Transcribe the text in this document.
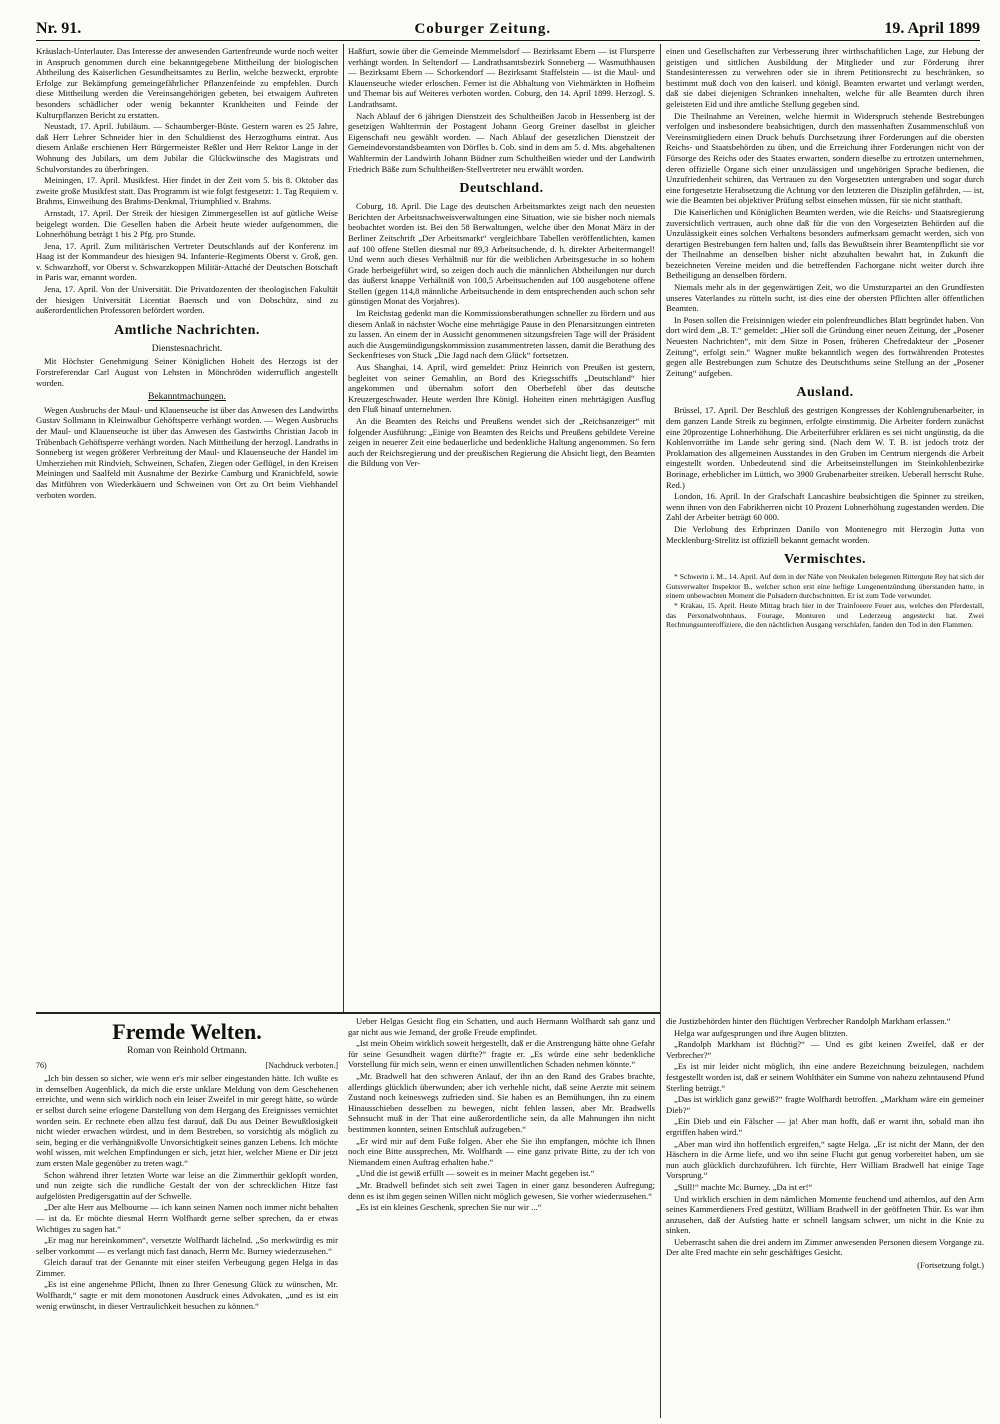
Nr. 91.	Coburger Zeitung.	19. April 1899

Kräuslach-Unterlauter. Das Interesse der anwesenden Gartenfreunde wurde noch weiter in Anspruch genommen durch eine bekanntgegebene Mittheilung der biologischen Abtheilung des Kaiserlichen Gesundheitsamtes zu Berlin, welche bezweckt, erprobte Erfolge zur Bekämpfung gemeingefährlicher Pflanzenfeinde zu empfehlen. Durch diese Mittheilung werden die Vereinsangehörigen gebeten, bei etwaigem Auftreten besonders schädlicher oder wenig bekannter Krankheiten und Feinde der Kulturpflanzen Bericht zu erstatten.

Neustadt, 17. April. Jubiläum. — Schaumberger-Büste. Gestern waren es 25 Jahre, daß Herr Lehrer Schneider hier in den Schuldienst des Herzogthums eintrat. Aus diesem Anlaße erschienen Herr Bürgermeister Reßler und Herr Rektor Lange in der Wohnung des Jubilars, um dem Jubilar die Glückwünsche des Magistrats und Schulvorstandes zu überbringen.

Meiningen, 17. April. Musikfest. Hier findet in der Zeit vom 5. bis 8. Oktober das zweite große Musikfest statt. Das Programm ist wie folgt festgesetzt: 1. Tag Requiem v. Brahms, Einweihung des Brahms-Denkmal, Triumphlied v. Brahms.

Arnstadt, 17. April. Der Streik der hiesigen Zimmergesellen ist auf gütliche Weise beigelegt worden. Die Gesellen haben die Arbeit heute wieder aufgenommen, die Lohnerhöhung beträgt 1 bis 2 Pfg. pro Stunde.

Jena, 17. April. Zum militärischen Vertreter Deutschlands auf der Konferenz im Haag ist der Kommandeur des hiesigen 94. Infanterie-Regiments Oberst v. Groß, gen. v. Schwarzhoff, vor Oberst v. Schwarzkoppen Militär-Attaché der Deutschen Botschaft in Paris war, ernannt worden.

Jena, 17. April. Von der Universität. Die Privatdozenten der theologischen Fakultät der hiesigen Universität Licentiat Baensch und von Dobschütz, sind zu außerordentlichen Professoren befördert worden.

Amtliche Nachrichten.
Dienstesnachricht.

Mit Höchster Genehmigung Seiner Königlichen Hoheit des Herzogs ist der Forstreferendar Carl August von Lehsten in Mönchröden widerruflich angestellt worden.

Bekanntmachungen.

Wegen Ausbruchs der Maul- und Klauenseuche ist über das Anwesen des Landwirths Gustav Sollmann in Kleinwalbur Gehöftsperre verhängt worden. — Wegen Ausbruchs der Maul- und Klauenseuche ist über das Anwesen des Gastwirths Christian Jacob in Trübenbach Gehöftsperre verhängt worden. Nach Mittheilung der herzogl. Landraths in Sonneberg ist wegen größerer Verbreitung der Maul- und Klauenseuche der Handel im Umherziehen mit Rindvieh, Schweinen, Schafen, Ziegen oder Geflügel, in den Kreisen Meiningen und Saalfeld mit Ausnahme der Bezirke Camburg und Kranichfeld, sowie das Mitführen von Wiederkäuern und Schweinen von Ort zu Ort beim Viehhandel verboten worden.

Haßfurt, sowie über die Gemeinde Memmelsdorf — Bezirksamt Ebern — ist Flursperre verhängt worden. In Seltendorf — Landrathsamtsbezirk Sonneberg — Wasmuthhausen — Bezirksamt Ebern — Schorkendorf — Bezirksamt Staffelstein — ist die Maul- und Klauenseuche wieder erloschen. Ferner ist die Abhaltung von Viehmärkten in Hofheim und Themar bis auf Weiteres verboten worden. Coburg, den 14. April 1899. Herzogl. S. Landrathsamt.

Nach Ablauf der 6 jährigen Dienstzeit des Schultheißen Jacob in Hessenberg ist der gesetzigen Wahlterrnin der Postagent Johann Georg Greiner daselbst in gleicher Eigenschaft neu gewählt worden. — Nach Ablauf der gesetzlichen Dienstzeit der Gemeindevorstandsbeamten von Dörfles b. Cob. sind in dem am 5. d. Mts. abgehaltenen Wahltermin der Landwirth Johann Büdner zum Schultheißen wieder und der Landwirth Friedrich Bäße zum Schultheißen-Stellvertreter neu erwählt worden.

Deutschland.

Coburg, 18. April. Die Lage des deutschen Arbeitsmarktes zeigt nach den neuesten Berichten der Arbeitsnachweisverwaltungen eine Situation, wie sie bisher noch niemals beobachtet worden ist. Bei den 58 Berwaltungen, welche über den Monat März in der Berliner Zeitschrift „Der Arbeitsmarkt“ vergleichbare Tabellen veröffentlichten, kamen auf 100 offene Stellen diesmal nur 89,3 Arbeitsuchende, d. h. direkter Arbeitermangel! Und wenn auch dieses Verhältniß nur für die weiblichen Arbeitsgesuche in so hohem Grade herbeigeführt wird, so zeigen doch auch die männlichen Abtheilungen nur durch das äußerst knappe Verhältniß von 100,5 Arbeitsuchenden auf 100 ausgebotene offene Stellen (gegen 114,8 männliche Arbeitsuchende in dem entsprechenden auch schon sehr günstigen Monat des Vorjahres).

Im Reichstag gedenkt man die Kommissionsberathungen schneller zu fördern und aus diesem Anlaß in nächster Woche eine mehrtägige Pause in den Plenarsitzungen eintreten zu lassen. An einem der in Aussicht genommenen sitzungsfreien Tage will der Präsident auch die Ausgemündigungskommission zusammentreten lassen, damit die Berathung des Seckenfrieses von Stuck „Die Jagd nach dem Glück“ fortsetzen.

Aus Shanghai, 14. April, wird gemeldet: Prinz Heinrich von Preußen ist gestern, begleitet von seiner Gemahlin, an Bord des Kriegsschiffs „Deutschland“ hier angekommen und übernahm sofort den Oberbefehl über das deutsche Kreuzergeschwader. Heute werden Ihre Königl. Hoheiten einen mehrtägigen Ausflug den Fluß hinauf unternehmen.

An die Beamten des Reichs und Preußens wendet sich der „Reichsanzeiger“ mit folgender Ausführung: „Einige von Beamten des Reichs und Preußens gebildete Vereine zeigen in neuerer Zeit eine bedauerliche und bedenkliche Haltung angenommen. So fern auch der Reichsregierung und der preußischen Regierung die Absicht liegt, den Beamten die Bildung von Ver-

einen und Gesellschaften zur Verbesserung ihrer wirthschaftlichen Lage, zur Hebung der geistigen und sittlichen Ausbildung der Mitglieder und zur Förderung ihrer Standesinteressen zu verwehren oder sie in ihrem Petitionsrecht zu beschränken, so bestimmt muß doch von den kaiserl. und königl. Beamten erwartet und verlangt werden, daß sie dabei diejenigen Schranken innehalten, welche für alle Beamten durch ihren geleisteten Eid und ihre amtliche Stellung gegeben sind.

Die Theilnahme an Vereinen, welche hiermit in Widerspruch stehende Bestrebungen verfolgen und insbesondere beabsichtigen, durch den massenhaften Zusammenschluß von Vereinsmitgliedern einen Druck behufs Durchsetzung ihrer Forderungen auf die obersten Reichs- und Staatsbehörden zu üben, und die Erreichung ihrer Forderungen nicht von der Fürsorge des Reichs oder des Staates erwarten, sondern dieselbe zu ertrotzen unternehmen, deren offizielle Organe sich einer unzulässigen und ungehörigen Sprache bedienen, die Unzufriedenheit schüren, das Vertrauen zu den Vorgesetzten untergraben und sogar durch eine fortgesetzte Herabsetzung die Achtung vor den letzteren die Disziplin gefährden, — ist, wie die Beamten bei objektiver Prüfung selbst einsehen müssen, für sie nicht statthaft.

Die Kaiserlichen und Königlichen Beamten werden, wie die Reichs- und Staatsregierung zuversichtlich vertrauen, auch ohne daß für die von den Vorgesetzten Behörden auf die Unzulässigkeit eines solchen Verhaltens besonders aufmerksam gemacht werden, sich von derartigen Bestrebungen fern halten und, falls das Bewußtsein ihrer Beamtenpflicht sie vor der Theilnahme an denselben bisher nicht abzuhalten bewahrt hat, in Zukunft die bezeichneten Vereine meiden und die betreffenden Fachorgane nicht weiter durch ihre Betheiligung an denselben fördern.

Niemals mehr als in der gegenwärtigen Zeit, wo die Umsturzpartei an den Grundfesten unseres Vaterlandes zu rütteln sucht, ist dies eine der obersten Pflichten aller öffentlichen Beamten.

In Posen sollen die Freisinnigen wieder ein polenfreundliches Blatt begründet haben. Von dort wird dem „B. T.“ gemeldet: „Hier soll die Gründung einer neuen Zeitung, der „Posener Neuesten Nachrichten“, mit dem Sitze in Posen, früheren Chefredakteur der „Posener Zeitung“, erfolgt sein.“ Wagner mußte bekanntlich wegen des fortwährenden Protestes gegen alle Bestrebungen zum Schutze des Deutschthums seine Stellung an der „Posener Zeitung“ aufgeben.

Ausland.

Brüssel, 17. April. Der Beschluß des gestrigen Kongresses der Kohlengrubenarbeiter, in dem ganzen Lande Streik zu beginnen, erfolgte einstimmig. Die Arbeiter fordern zunächst eine 20prozentige Lohnerhöhung. Die Arbeiterführer erklären es sei nicht ungünstig, da die Kohlenvorräthe im Lande sehr gering sind. (Nach dem W. T. B. ist jedoch trotz der Proklamation des allgemeinen Ausstandes in den Gruben im Centrum niergends die Arbeit eingestellt worden. Unbedeutend sind die Arbeitseinstellungen im Steinkohlenbezirke Borinage, erheblicher im Lüttich, wo 3900 Grubenarbeiter streiken. Ueberall herrscht Ruhe. Red.)

London, 16. April. In der Grafschaft Lancashire beabsichtigen die Spinner zu streiken, wenn ihnen von den Fabrikherren nicht 10 Prozent Lohnerhöhung zugestanden werden. Die Zahl der Arbeiter beträgt 60 000.

Die Verlobung des Erbprinzen Danilo von Montenegro mit Herzogin Jutta von Mecklenburg-Strelitz ist offiziell bekannt gemacht worden.

Vermischtes.

* Schwerin i. M., 14. April. Auf dem in der Nähe von Neukalen belegenen Rittergute Rey hat sich der Gutsverwalter Inspektor B., welcher schon erst eine heftige Lungenentzündung überstanden hatte, in einem unbewachten Moment die Pulsadern durchschnitten. Er ist zum Tode verwundet.

* Krakau, 15. April. Heute Mittag brach hier in der Trainfoeere Feuer aus, welches den Pferdestall, das Personalwohnhaus, Fourage, Monturen und Lederzeug angesteckt hat. Zwei Rechnungsunteroffiziere, die den nächtlichen Ausgang verschlafen, fanden den Tod in den Flammen.

Fremde Welten.
Roman von Reinhold Ortmann.
76)	[Nachdruck verboten.]

„Ich bin dessen so sicher, wie wenn er's mir selber eingestanden hätte. Ich wußte es in demselben Augenblick, da mich die erste unklare Meldung von dem Geschehenen erreichte, und wenn sich wirklich noch ein leiser Zweifel in mir geregt hätte, so würde er selbst durch seine erlogene Darstellung von dem Hergang des Ereignisses vernichtet worden sein. Er rechnete eben allzu fest darauf, daß Du aus Deiner Bewußtlosigkeit nicht wieder erwachen würdest, und in dem Bestreben, so vorsichtig als möglich zu sein, beging er die verhängnißvolle Unvorsichtigkeit seines ganzen Lebens. Ich möchte wohl wissen, mit welchen Empfindungen er sich, jetzt hier, welcher Miene er Dir jetzt zum ersten Male gegenüber zu treten wagt.“

Schon während ihrer letzten Worte war leise an die Zimmerthür geklopft worden, und nun zeigte sich die rundliche Gestalt der von der schrecklichen Hitze fast aufgelösten Predigersgattin auf der Schwelle.

„Der alte Herr aus Melbourne — ich kann seinen Namen noch immer nicht behalten — ist da. Er möchte diesmal Herrn Wolfhardt gerne selber sprechen, da er etwas Wichtiges zu sagen hat.“

„Er mag nur hereinkommen“, versetzte Wolfhardt lächelnd. „So merkwürdig es mir selber vorkommt — es verlangt mich fast danach, Herrn Mc. Burney wiederzusehen.“

Gleich darauf trat der Genannte mit einer steifen Verbeugung gegen Helga in das Zimmer.

„Es ist eine angenehme Pflicht, Ihnen zu Ihrer Genesung Glück zu wünschen, Mr. Wolfhardt,“ sagte er mit dem monotonen Ausdruck eines Advokaten, „und es ist ein wenig erwünscht, in dieser Vertraulichkeit besuchen zu können.“

Ueber Helgas Gesicht flog ein Schatten, und auch Hermann Wolfhardt sah ganz und gar nicht aus wie Jemand, der große Freude empfindet.

„Ist mein Oheim wirklich soweit hergestellt, daß er die Anstrengung hätte ohne Gefahr für seine Gesundheit wagen dürfte?“ fragte er. „Es würde eine sehr bedenkliche Vorstellung für mich sein, wenn er einen unwillentlichen Schaden nehmen könnte.“

„Mr. Bradwell hat den schweren Anlauf, der ihn an den Rand des Grabes brachte, allerdings glücklich überwunden; aber ich verhehle nicht, daß seine Aerzte mit seinem Zustand noch keineswegs zufrieden sind. Sie haben es an Bemühungen, ihn zu einem Hinausschieben desselben zu bewegen, nicht fehlen lassen, aber Mr. Bradwells Sehnsucht muß in der That eine außerordentliche sein, da alle Mahnungen ihn nicht bestimmen konnten, seinen Entschluß aufzugeben.“

„Er wird mir auf dem Fuße folgen. Aber ehe Sie ihn empfangen, möchte ich Ihnen noch eine Bitte aussprechen, Mr. Wolfhardt — eine ganz private Bitte, zu der ich von Niemandem einen Auftrag erhalten habe.“

„Und die ist gewiß erfüllt — soweit es in meiner Macht gegeben ist.“

„Mr. Bradwell befindet sich seit zwei Tagen in einer ganz besonderen Aufregung; denn es ist ihm gegen seinen Willen nicht möglich gewesen, Sie vorher wiederzusehen.“

„Es ist ein kleines Geschenk, sprechen Sie nur wir ...“

die Justizbehörden hinter den flüchtigen Verbrecher Randolph Markham erlassen.“

Helga war aufgesprungen und ihre Augen blitzten.

„Randolph Markham ist flüchtig?“ — Und es gibt keinen Zweifel, daß er der Verbrecher?“

„Es ist mir leider nicht möglich, ihn eine andere Bezeichnung beizulegen, nachdem festgestellt worden ist, daß er seinem Wohlthäter ein Summe von nahezu zehntausend Pfund Sterling beträgt.“

„Das ist wirklich ganz gewiß?“ fragte Wolfhardt betroffen. „Markham wäre ein gemeiner Dieb?“

„Ein Dieb und ein Fälscher — ja! Aber man hofft, daß er warnt ihn, sobald man ihn ergriffen haben wird.“

„Aber man wird ihn hoffentlich ergreifen,“ sagte Helga. „Er ist nicht der Mann, der den Häschern in die Arme liefe, und wo ihn seine Flucht gut genug vorbereitet haben, um sie nun auch glücklich durchzuführen. Ich fürchte, Herr William Bradwell hat einige Tage Vorsprung.“

„Still!“ machte Mc. Burney. „Da ist er!“

Und wirklich erschien in dem nämlichen Momente feuchend und athemlos, auf den Arm seines Kammerdieners Fred gestützt, William Bradwell in der geöffneten Thür. Es war ihm anzusehen, daß der Aufstieg hatte er schnell langsam schwer, um nicht in die Knie zu sinken.

Ueberrascht sahen die drei andern im Zimmer anwesenden Personen diesem Vorgange zu. Der alte Fred machte ein sehr geschäftiges Gesicht.

(Fortsetzung folgt.)
